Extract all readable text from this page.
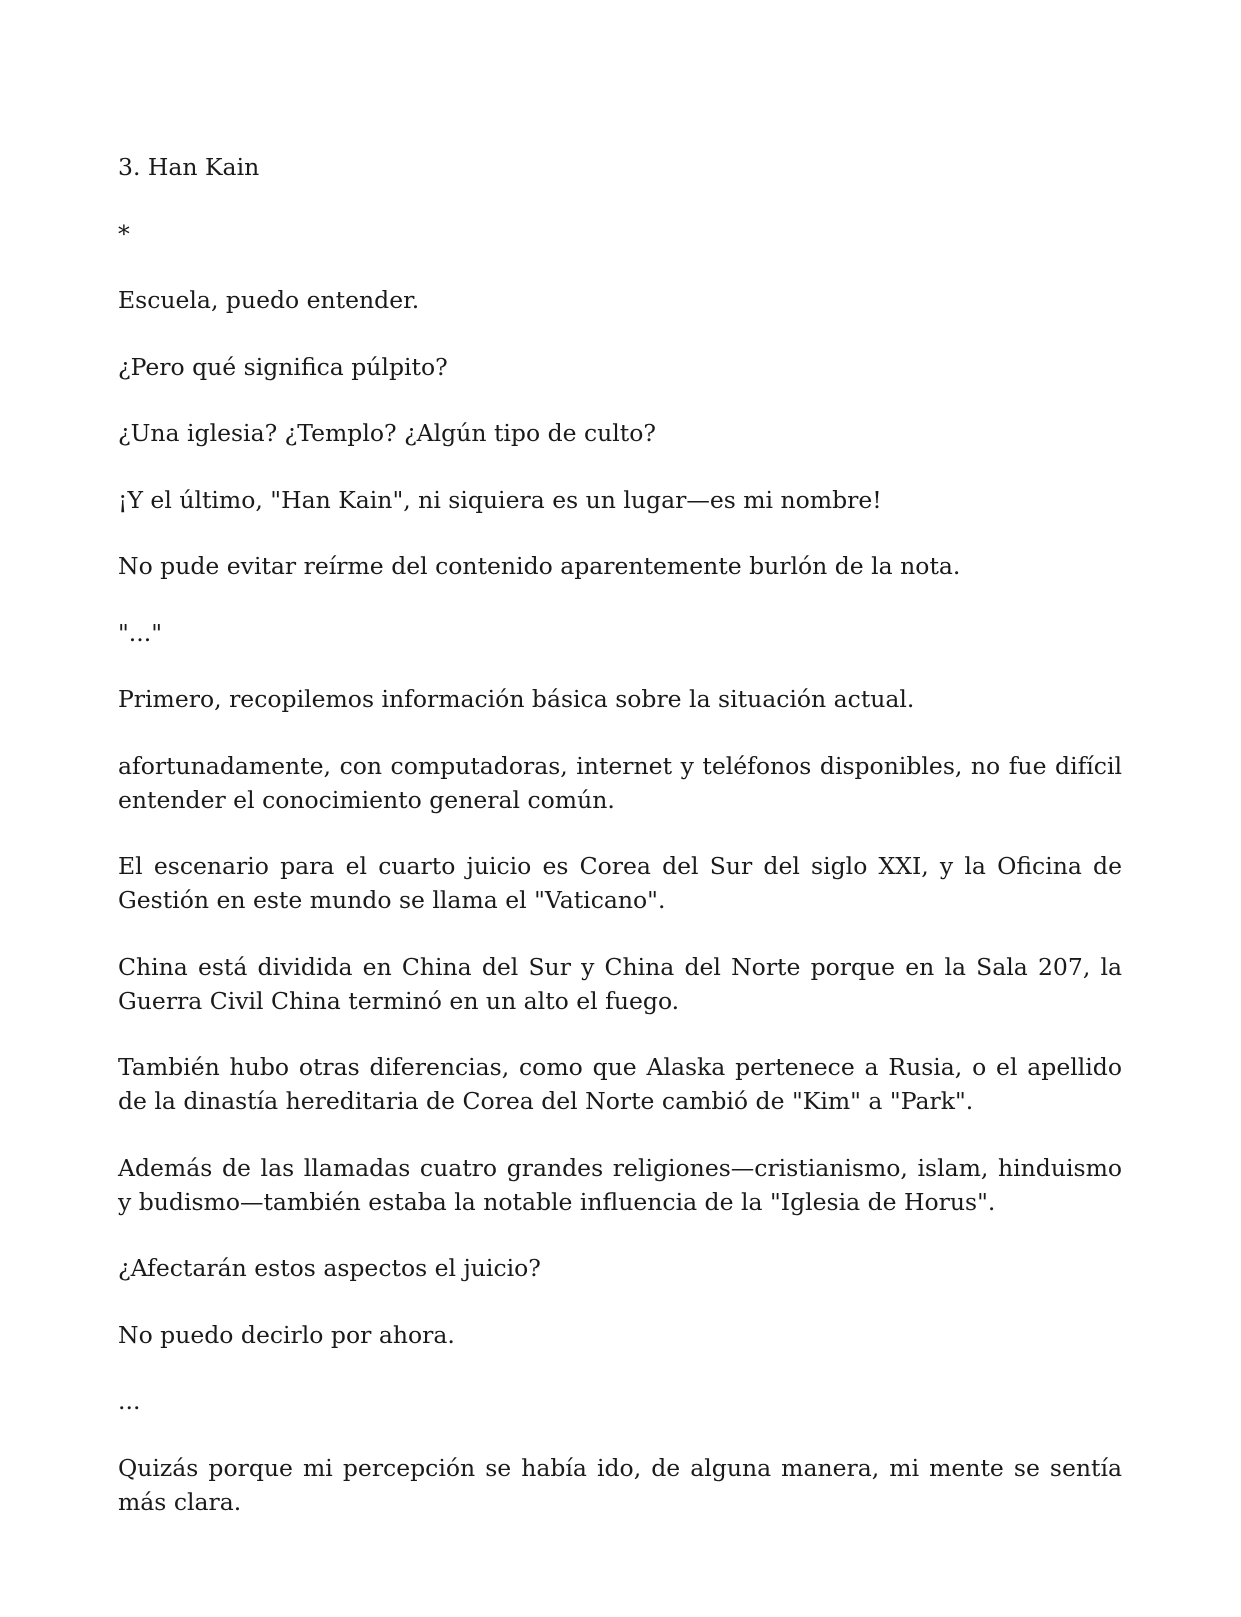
3. Han Kain

*

Escuela, puedo entender.

¿Pero qué significa púlpito?

¿Una iglesia? ¿Templo? ¿Algún tipo de culto?

¡Y el último, "Han Kain", ni siquiera es un lugar—es mi nombre!

No pude evitar reírme del contenido aparentemente burlón de la nota.

"..."

Primero, recopilemos información básica sobre la situación actual.

afortunadamente, con computadoras, internet y teléfonos disponibles, no fue difícil entender el conocimiento general común.

El escenario para el cuarto juicio es Corea del Sur del siglo XXI, y la Oficina de Gestión en este mundo se llama el "Vaticano".

China está dividida en China del Sur y China del Norte porque en la Sala 207, la Guerra Civil China terminó en un alto el fuego.

También hubo otras diferencias, como que Alaska pertenece a Rusia, o el apellido de la dinastía hereditaria de Corea del Norte cambió de "Kim" a "Park".

Además de las llamadas cuatro grandes religiones—cristianismo, islam, hinduismo y budismo—también estaba la notable influencia de la "Iglesia de Horus".

¿Afectarán estos aspectos el juicio?

No puedo decirlo por ahora.

...

Quizás porque mi percepción se había ido, de alguna manera, mi mente se sentía más clara.
